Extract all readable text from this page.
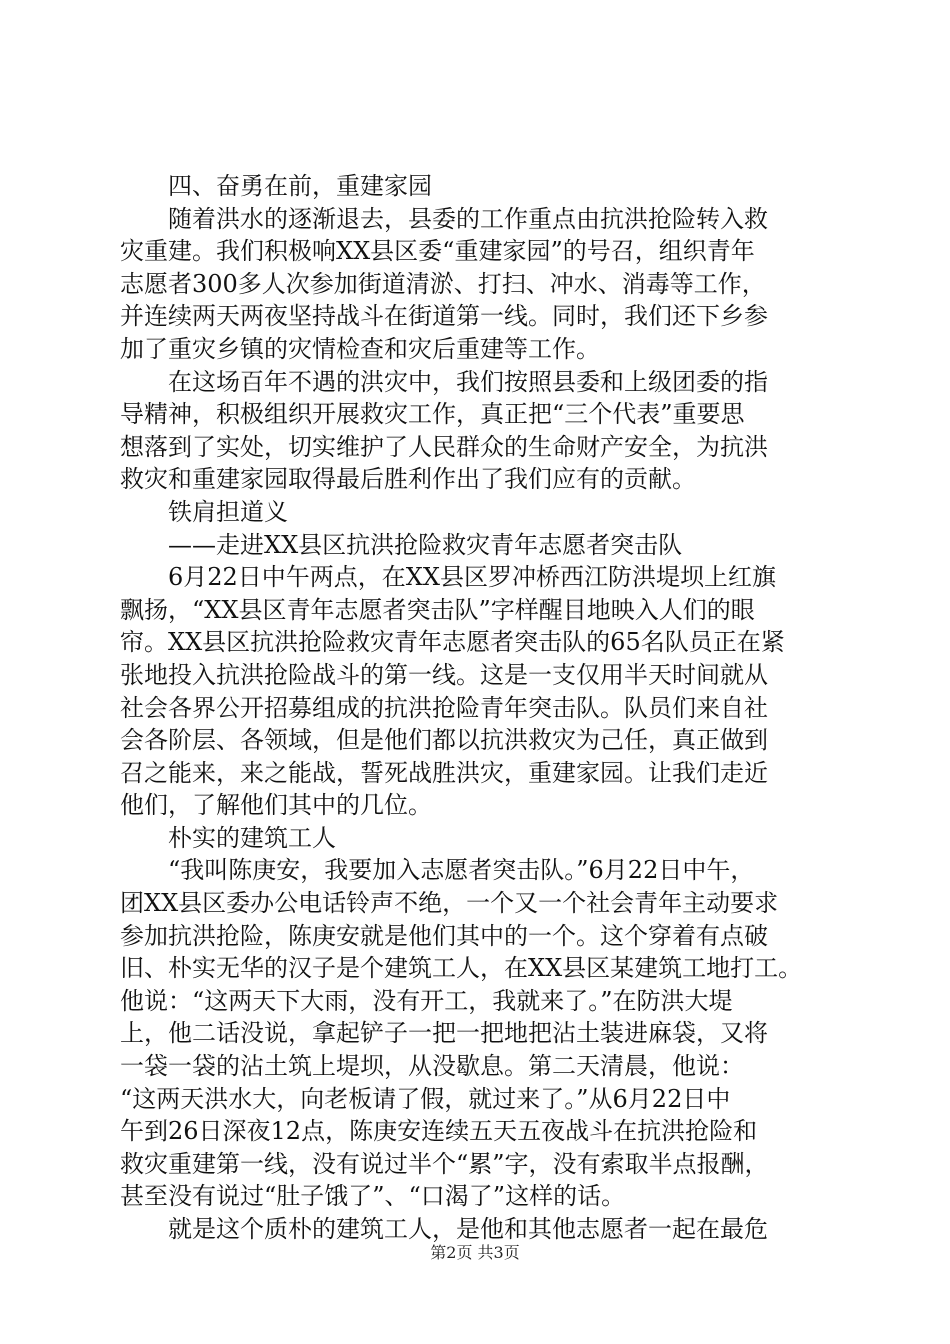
四、奋勇在前，重建家园
随着洪水的逐渐退去，县委的工作重点由抗洪抢险转入救
灾重建。我们积极响XX县区委“重建家园”的号召，组织青年
志愿者300多人次参加街道清淤、打扫、冲水、消毒等工作，
并连续两天两夜坚持战斗在街道第一线。同时，我们还下乡参
加了重灾乡镇的灾情检查和灾后重建等工作。
在这场百年不遇的洪灾中，我们按照县委和上级团委的指
导精神，积极组织开展救灾工作，真正把“三个代表”重要思
想落到了实处，切实维护了人民群众的生命财产安全，为抗洪
救灾和重建家园取得最后胜利作出了我们应有的贡献。
铁肩担道义
——走进XX县区抗洪抢险救灾青年志愿者突击队
6月22日中午两点，在XX县区罗冲桥西江防洪堤坝上红旗
飘扬，“XX县区青年志愿者突击队”字样醒目地映入人们的眼
帘。XX县区抗洪抢险救灾青年志愿者突击队的65名队员正在紧
张地投入抗洪抢险战斗的第一线。这是一支仅用半天时间就从
社会各界公开招募组成的抗洪抢险青年突击队。队员们来自社
会各阶层、各领域，但是他们都以抗洪救灾为己任，真正做到
召之能来，来之能战，誓死战胜洪灾，重建家园。让我们走近
他们，了解他们其中的几位。
朴实的建筑工人
“我叫陈庚安，我要加入志愿者突击队。”6月22日中午，
团XX县区委办公电话铃声不绝，一个又一个社会青年主动要求
参加抗洪抢险，陈庚安就是他们其中的一个。这个穿着有点破
旧、朴实无华的汉子是个建筑工人，在XX县区某建筑工地打工。
他说：“这两天下大雨，没有开工，我就来了。”在防洪大堤
上，他二话没说，拿起铲子一把一把地把沾土装进麻袋，又将
一袋一袋的沾土筑上堤坝，从没歇息。第二天清晨，他说：
“这两天洪水大，向老板请了假，就过来了。”从6月22日中
午到26日深夜12点，陈庚安连续五天五夜战斗在抗洪抢险和
救灾重建第一线，没有说过半个“累”字，没有索取半点报酬，
甚至没有说过“肚子饿了”、“口渴了”这样的话。
就是这个质朴的建筑工人，是他和其他志愿者一起在最危
第2页 共3页
